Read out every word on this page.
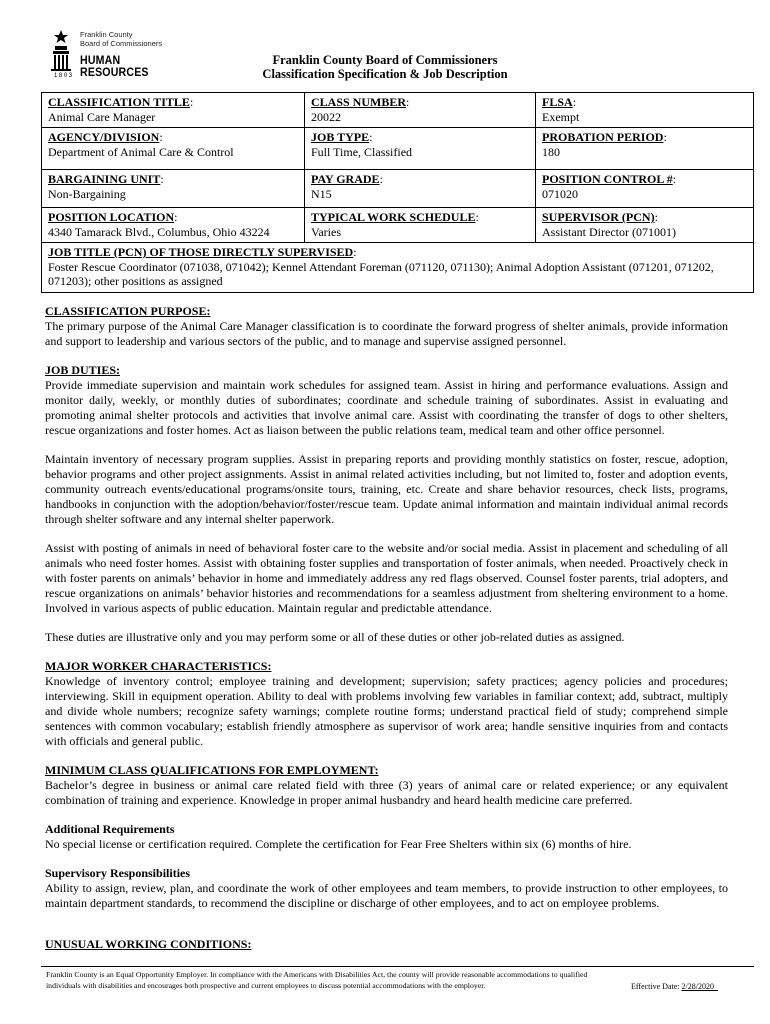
Franklin County
Board of Commissioners
HUMAN RESOURCES
1803
Franklin County Board of Commissioners
Classification Specification & Job Description
CLASSIFICATION TITLE:
Animal Care Manager	CLASS NUMBER:
20022	FLSA:
Exempt
AGENCY/DIVISION:
Department of Animal Care & Control	JOB TYPE:
Full Time, Classified	PROBATION PERIOD:
180
BARGAINING UNIT:
Non-Bargaining	PAY GRADE:
N15	POSITION CONTROL #:
071020
POSITION LOCATION:
4340 Tamarack Blvd., Columbus, Ohio 43224	TYPICAL WORK SCHEDULE:
Varies	SUPERVISOR (PCN):
Assistant Director (071001)
JOB TITLE (PCN) OF THOSE DIRECTLY SUPERVISED:
Foster Rescue Coordinator (071038, 071042); Kennel Attendant Foreman (071120, 071130); Animal Adoption Assistant (071201, 071202, 071203); other positions as assigned		
CLASSIFICATION PURPOSE:

The primary purpose of the Animal Care Manager classification is to coordinate the forward progress of shelter animals, provide information and support to leadership and various sectors of the public, and to manage and supervise assigned personnel.

JOB DUTIES:

Provide immediate supervision and maintain work schedules for assigned team. Assist in hiring and performance evaluations. Assign and monitor daily, weekly, or monthly duties of subordinates; coordinate and schedule training of subordinates. Assist in evaluating and promoting animal shelter protocols and activities that involve animal care. Assist with coordinating the transfer of dogs to other shelters, rescue organizations and foster homes. Act as liaison between the public relations team, medical team and other office personnel.

Maintain inventory of necessary program supplies. Assist in preparing reports and providing monthly statistics on foster, rescue, adoption, behavior programs and other project assignments. Assist in animal related activities including, but not limited to, foster and adoption events, community outreach events/educational programs/onsite tours, training, etc. Create and share behavior resources, check lists, programs, handbooks in conjunction with the adoption/behavior/foster/rescue team. Update animal information and maintain individual animal records through shelter software and any internal shelter paperwork.

Assist with posting of animals in need of behavioral foster care to the website and/or social media. Assist in placement and scheduling of all animals who need foster homes. Assist with obtaining foster supplies and transportation of foster animals, when needed. Proactively check in with foster parents on animals’ behavior in home and immediately address any red flags observed. Counsel foster parents, trial adopters, and rescue organizations on animals’ behavior histories and recommendations for a seamless adjustment from sheltering environment to a home. Involved in various aspects of public education. Maintain regular and predictable attendance.

These duties are illustrative only and you may perform some or all of these duties or other job-related duties as assigned.

MAJOR WORKER CHARACTERISTICS:

Knowledge of inventory control; employee training and development; supervision; safety practices; agency policies and procedures; interviewing. Skill in equipment operation. Ability to deal with problems involving few variables in familiar context; add, subtract, multiply and divide whole numbers; recognize safety warnings; complete routine forms; understand practical field of study; comprehend simple sentences with common vocabulary; establish friendly atmosphere as supervisor of work area; handle sensitive inquiries from and contacts with officials and general public.

MINIMUM CLASS QUALIFICATIONS FOR EMPLOYMENT:

Bachelor’s degree in business or animal care related field with three (3) years of animal care or related experience; or any equivalent combination of training and experience. Knowledge in proper animal husbandry and heard health medicine care preferred.

Additional Requirements

No special license or certification required. Complete the certification for Fear Free Shelters within six (6) months of hire.

Supervisory Responsibilities

Ability to assign, review, plan, and coordinate the work of other employees and team members, to provide instruction to other employees, to maintain department standards, to recommend the discipline or discharge of other employees, and to act on employee problems.

UNUSUAL WORKING CONDITIONS:
Franklin County is an Equal Opportunity Employer. In compliance with the Americans with Disabilities Act, the county will provide reasonable accommodations to qualified individuals with disabilities and encourages both prospective and current employees to discuss potential accommodations with the employer.	Effective Date: 2/28/2020
